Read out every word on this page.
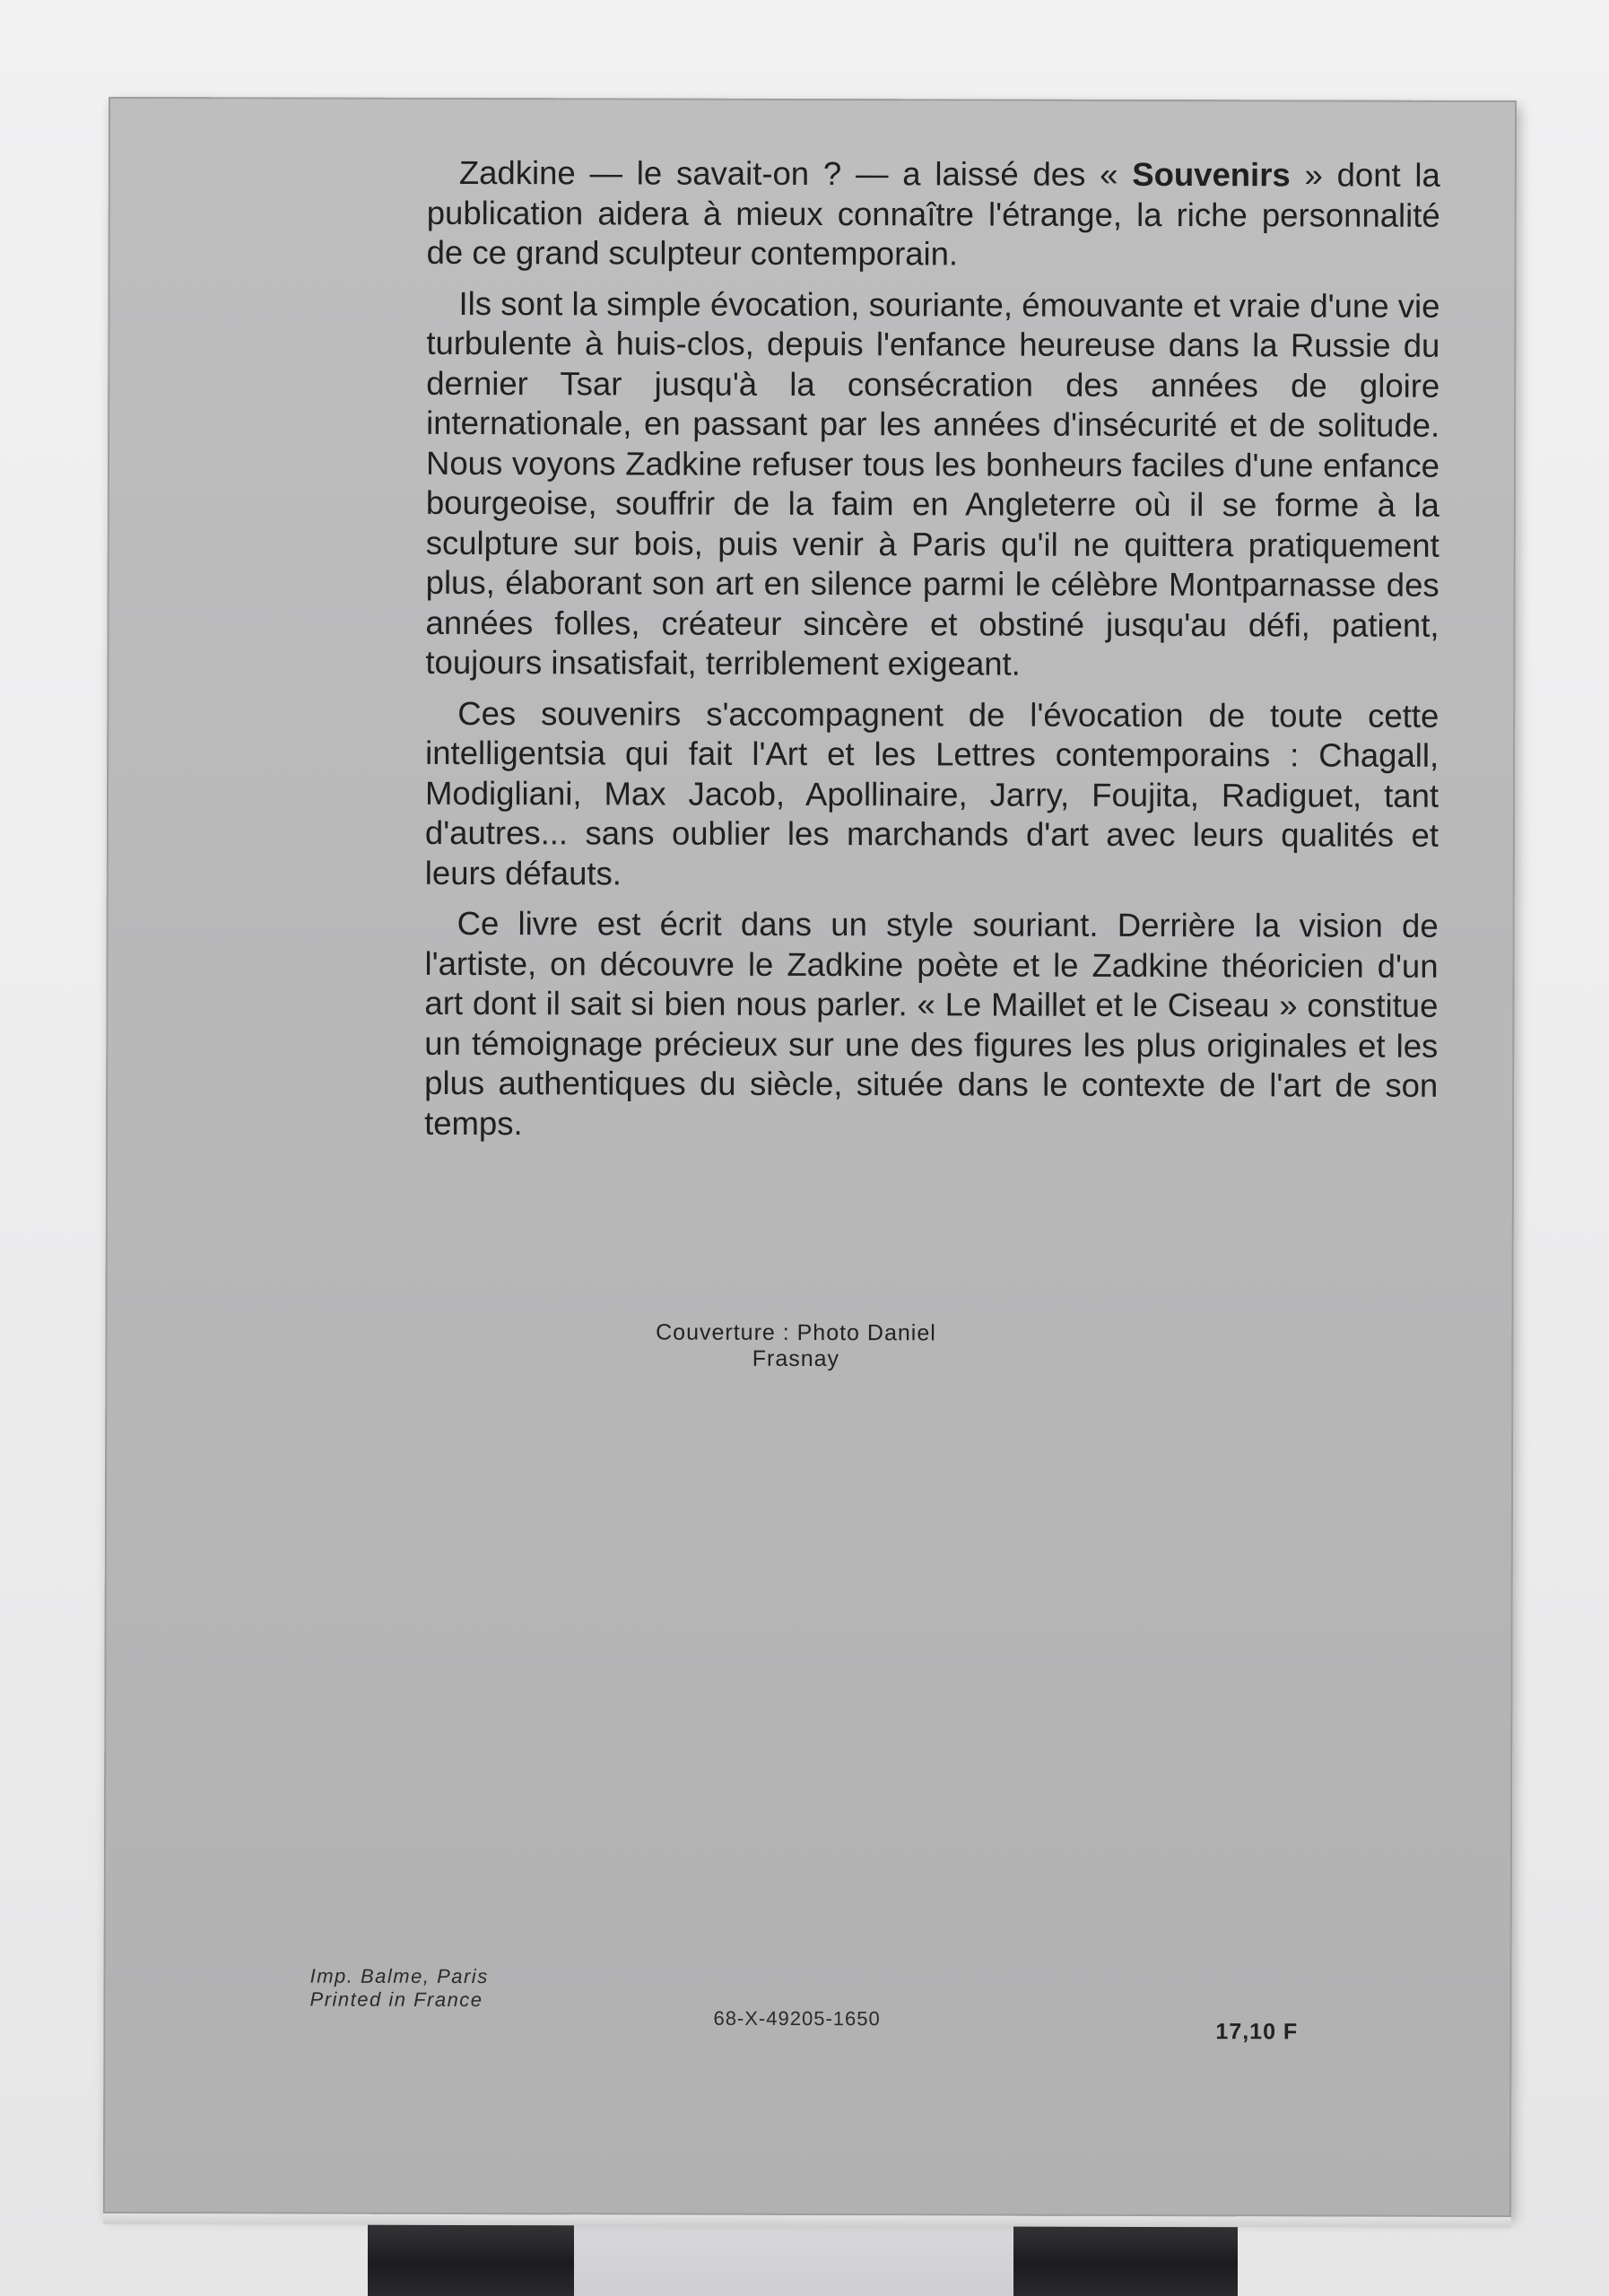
Zadkine — le savait-on ? — a laissé des « Souvenirs » dont la publication aidera à mieux connaître l'étrange, la riche personnalité de ce grand sculpteur contemporain.

Ils sont la simple évocation, souriante, émouvante et vraie d'une vie turbulente à huis-clos, depuis l'enfance heureuse dans la Russie du dernier Tsar jusqu'à la consécration des années de gloire internationale, en passant par les années d'insécurité et de solitude. Nous voyons Zadkine refuser tous les bonheurs faciles d'une enfance bourgeoise, souffrir de la faim en Angleterre où il se forme à la sculpture sur bois, puis venir à Paris qu'il ne quittera pratiquement plus, élaborant son art en silence parmi le célèbre Montparnasse des années folles, créateur sincère et obstiné jusqu'au défi, patient, toujours insatisfait, terriblement exigeant.

Ces souvenirs s'accompagnent de l'évocation de toute cette intelligentsia qui fait l'Art et les Lettres contemporains : Chagall, Modigliani, Max Jacob, Apollinaire, Jarry, Foujita, Radiguet, tant d'autres... sans oublier les marchands d'art avec leurs qualités et leurs défauts.

Ce livre est écrit dans un style souriant. Derrière la vision de l'artiste, on découvre le Zadkine poète et le Zadkine théoricien d'un art dont il sait si bien nous parler. « Le Maillet et le Ciseau » constitue un témoignage précieux sur une des figures les plus originales et les plus authentiques du siècle, située dans le contexte de l'art de son temps.

Couverture : Photo Daniel Frasnay
Imp. Balme, Paris
Printed in France
68-X-49205-1650
17,10 F
